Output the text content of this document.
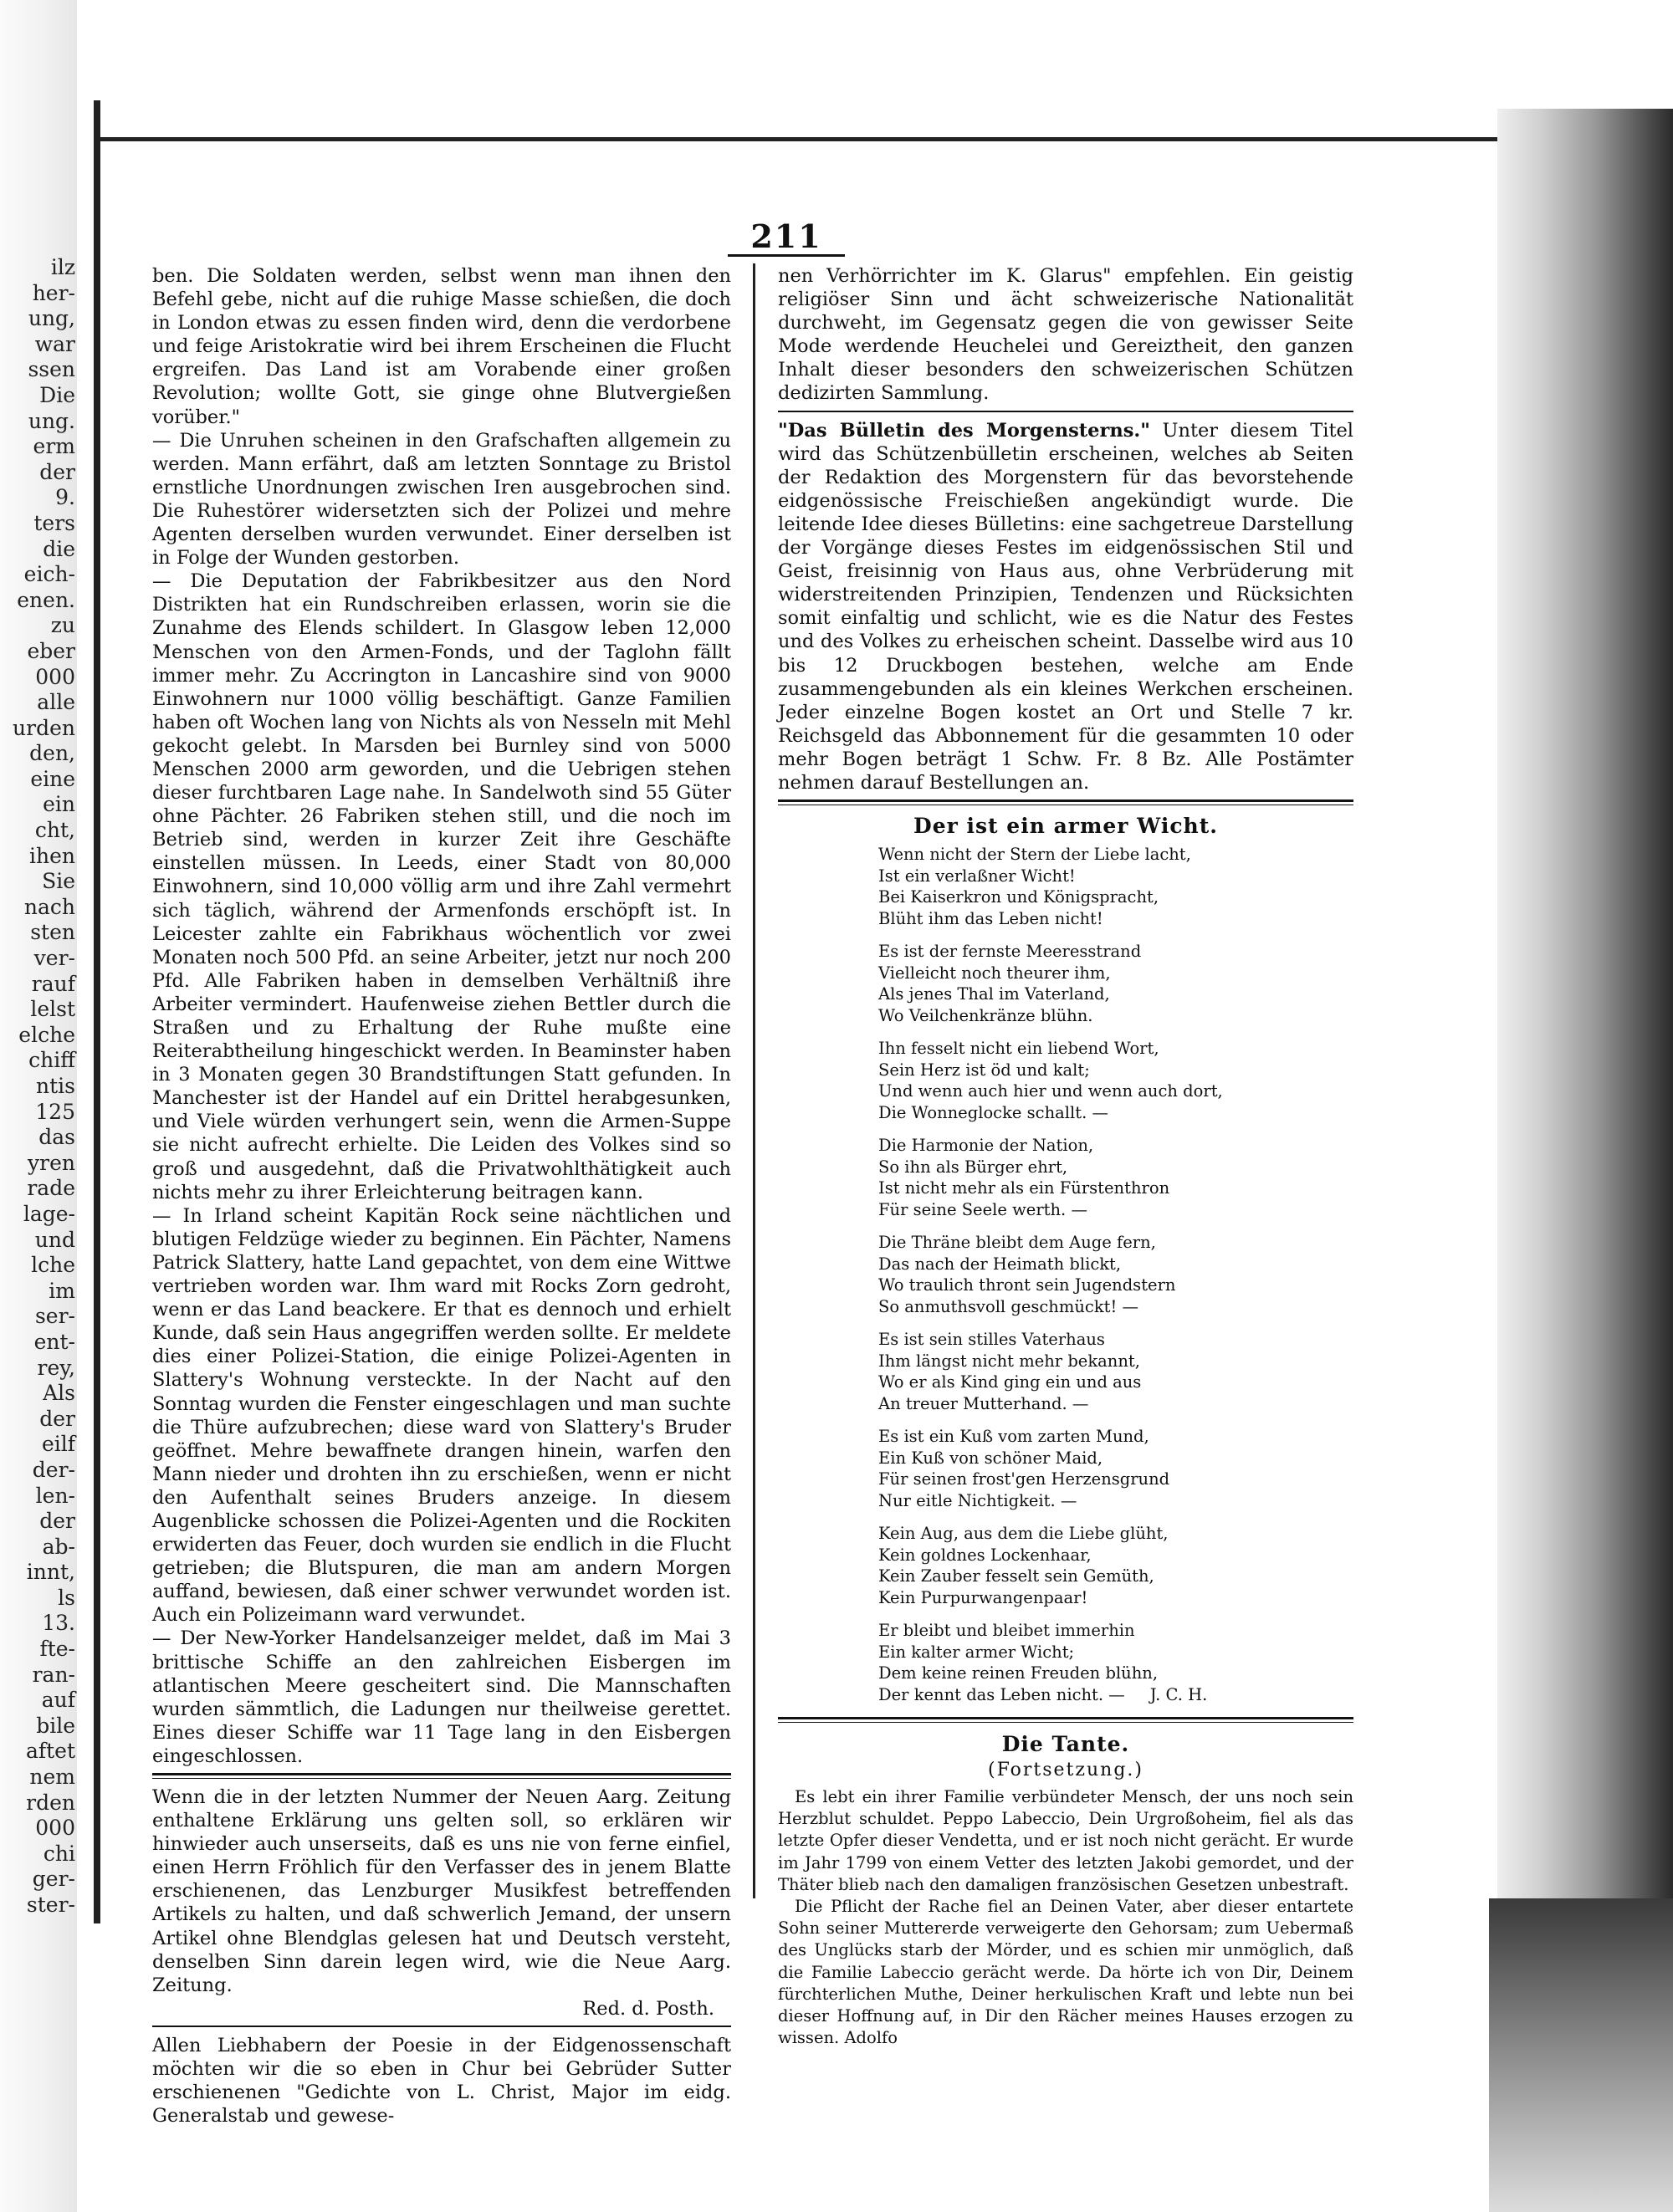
ilz
her-
ung,
war
ssen
Die
ung.
erm
der
9.
ters
die
eich-
enen.
zu
eber
000
alle
urden
den,
eine
ein
cht,
ihen
Sie
nach
sten
ver-
rauf
lelst
elche
chiff
ntis
125
das
yren
rade
lage-
und
lche
im
ser-
ent-
rey,
Als
der
eilf
der-
len-
der
ab-
innt,
ls
13.
fte-
ran-
auf
bile
aftet
nem
rden
000
chi
ger-
ster-
211

ben. Die Soldaten werden, selbst wenn man ihnen den Befehl gebe, nicht auf die ruhige Masse schießen, die doch in London etwas zu essen finden wird, denn die verdorbene und feige Aristokratie wird bei ihrem Erscheinen die Flucht ergreifen. Das Land ist am Vorabende einer großen Revolution; wollte Gott, sie ginge ohne Blutvergießen vorüber."

— Die Unruhen scheinen in den Grafschaften allgemein zu werden. Mann erfährt, daß am letzten Sonntage zu Bristol ernstliche Unordnungen zwischen Iren ausgebrochen sind. Die Ruhestörer widersetzten sich der Polizei und mehre Agenten derselben wurden verwundet. Einer derselben ist in Folge der Wunden gestorben.

— Die Deputation der Fabrikbesitzer aus den Nord Distrikten hat ein Rundschreiben erlassen, worin sie die Zunahme des Elends schildert. In Glasgow leben 12,000 Menschen von den Armen-Fonds, und der Taglohn fällt immer mehr. Zu Accrington in Lancashire sind von 9000 Einwohnern nur 1000 völlig beschäftigt. Ganze Familien haben oft Wochen lang von Nichts als von Nesseln mit Mehl gekocht gelebt. In Marsden bei Burnley sind von 5000 Menschen 2000 arm geworden, und die Uebrigen stehen dieser furchtbaren Lage nahe. In Sandelwoth sind 55 Güter ohne Pächter. 26 Fabriken stehen still, und die noch im Betrieb sind, werden in kurzer Zeit ihre Geschäfte einstellen müssen. In Leeds, einer Stadt von 80,000 Einwohnern, sind 10,000 völlig arm und ihre Zahl vermehrt sich täglich, während der Armenfonds erschöpft ist. In Leicester zahlte ein Fabrikhaus wöchentlich vor zwei Monaten noch 500 Pfd. an seine Arbeiter, jetzt nur noch 200 Pfd. Alle Fabriken haben in demselben Verhältniß ihre Arbeiter vermindert. Haufenweise ziehen Bettler durch die Straßen und zu Erhaltung der Ruhe mußte eine Reiterabtheilung hingeschickt werden. In Beaminster haben in 3 Monaten gegen 30 Brandstiftungen Statt gefunden. In Manchester ist der Handel auf ein Drittel herabgesunken, und Viele würden verhungert sein, wenn die Armen-Suppe sie nicht aufrecht erhielte. Die Leiden des Volkes sind so groß und ausgedehnt, daß die Privatwohlthätigkeit auch nichts mehr zu ihrer Erleichterung beitragen kann.

— In Irland scheint Kapitän Rock seine nächtlichen und blutigen Feldzüge wieder zu beginnen. Ein Pächter, Namens Patrick Slattery, hatte Land gepachtet, von dem eine Wittwe vertrieben worden war. Ihm ward mit Rocks Zorn gedroht, wenn er das Land beackere. Er that es dennoch und erhielt Kunde, daß sein Haus angegriffen werden sollte. Er meldete dies einer Polizei-Station, die einige Polizei-Agenten in Slattery's Wohnung versteckte. In der Nacht auf den Sonntag wurden die Fenster eingeschlagen und man suchte die Thüre aufzubrechen; diese ward von Slattery's Bruder geöffnet. Mehre bewaffnete drangen hinein, warfen den Mann nieder und drohten ihn zu erschießen, wenn er nicht den Aufenthalt seines Bruders anzeige. In diesem Augenblicke schossen die Polizei-Agenten und die Rockiten erwiderten das Feuer, doch wurden sie endlich in die Flucht getrieben; die Blutspuren, die man am andern Morgen auffand, bewiesen, daß einer schwer verwundet worden ist. Auch ein Polizeimann ward verwundet.

— Der New-Yorker Handelsanzeiger meldet, daß im Mai 3 brittische Schiffe an den zahlreichen Eisbergen im atlantischen Meere gescheitert sind. Die Mannschaften wurden sämmtlich, die Ladungen nur theilweise gerettet. Eines dieser Schiffe war 11 Tage lang in den Eisbergen eingeschlossen.

Wenn die in der letzten Nummer der Neuen Aarg. Zeitung enthaltene Erklärung uns gelten soll, so erklären wir hinwieder auch unserseits, daß es uns nie von ferne einfiel, einen Herrn Fröhlich für den Verfasser des in jenem Blatte erschienenen, das Lenzburger Musikfest betreffenden Artikels zu halten, und daß schwerlich Jemand, der unsern Artikel ohne Blendglas gelesen hat und Deutsch versteht, denselben Sinn darein legen wird, wie die Neue Aarg. Zeitung.

Red. d. Posth.

Allen Liebhabern der Poesie in der Eidgenossenschaft möchten wir die so eben in Chur bei Gebrüder Sutter erschienenen "Gedichte von L. Christ, Major im eidg. Generalstab und gewese-

nen Verhörrichter im K. Glarus" empfehlen. Ein geistig religiöser Sinn und ächt schweizerische Nationalität durchweht, im Gegensatz gegen die von gewisser Seite Mode werdende Heuchelei und Gereiztheit, den ganzen Inhalt dieser besonders den schweizerischen Schützen dedizirten Sammlung.

"Das Bülletin des Morgensterns." Unter diesem Titel wird das Schützenbülletin erscheinen, welches ab Seiten der Redaktion des Morgenstern für das bevorstehende eidgenössische Freischießen angekündigt wurde. Die leitende Idee dieses Bülletins: eine sachgetreue Darstellung der Vorgänge dieses Festes im eidgenössischen Stil und Geist, freisinnig von Haus aus, ohne Verbrüderung mit widerstreitenden Prinzipien, Tendenzen und Rücksichten somit einfaltig und schlicht, wie es die Natur des Festes und des Volkes zu erheischen scheint. Dasselbe wird aus 10 bis 12 Druckbogen bestehen, welche am Ende zusammengebunden als ein kleines Werkchen erscheinen. Jeder einzelne Bogen kostet an Ort und Stelle 7 kr. Reichsgeld das Abbonnement für die gesammten 10 oder mehr Bogen beträgt 1 Schw. Fr. 8 Bz. Alle Postämter nehmen darauf Bestellungen an.

Der ist ein armer Wicht.
Wenn nicht der Stern der Liebe lacht,
Ist ein verlaßner Wicht!
Bei Kaiserkron und Königspracht,
Blüht ihm das Leben nicht!
Es ist der fernste Meeresstrand
Vielleicht noch theurer ihm,
Als jenes Thal im Vaterland,
Wo Veilchenkränze blühn.
Ihn fesselt nicht ein liebend Wort,
Sein Herz ist öd und kalt;
Und wenn auch hier und wenn auch dort,
Die Wonneglocke schallt. —
Die Harmonie der Nation,
So ihn als Bürger ehrt,
Ist nicht mehr als ein Fürstenthron
Für seine Seele werth. —
Die Thräne bleibt dem Auge fern,
Das nach der Heimath blickt,
Wo traulich thront sein Jugendstern
So anmuthsvoll geschmückt! —
Es ist sein stilles Vaterhaus
Ihm längst nicht mehr bekannt,
Wo er als Kind ging ein und aus
An treuer Mutterhand. —
Es ist ein Kuß vom zarten Mund,
Ein Kuß von schöner Maid,
Für seinen frost'gen Herzensgrund
Nur eitle Nichtigkeit. —
Kein Aug, aus dem die Liebe glüht,
Kein goldnes Lockenhaar,
Kein Zauber fesselt sein Gemüth,
Kein Purpurwangenpaar!
Er bleibt und bleibet immerhin
Ein kalter armer Wicht;
Dem keine reinen Freuden blühn,
Der kennt das Leben nicht. — J. C. H.
Die Tante.
(Fortsetzung.)

Es lebt ein ihrer Familie verbündeter Mensch, der uns noch sein Herzblut schuldet. Peppo Labeccio, Dein Urgroßoheim, fiel als das letzte Opfer dieser Vendetta, und er ist noch nicht gerächt. Er wurde im Jahr 1799 von einem Vetter des letzten Jakobi gemordet, und der Thäter blieb nach den damaligen französischen Gesetzen unbestraft.

Die Pflicht der Rache fiel an Deinen Vater, aber dieser entartete Sohn seiner Muttererde verweigerte den Gehorsam; zum Uebermaß des Unglücks starb der Mörder, und es schien mir unmöglich, daß die Familie Labeccio gerächt werde. Da hörte ich von Dir, Deinem fürchterlichen Muthe, Deiner herkulischen Kraft und lebte nun bei dieser Hoffnung auf, in Dir den Rächer meines Hauses erzogen zu wissen. Adolfo
